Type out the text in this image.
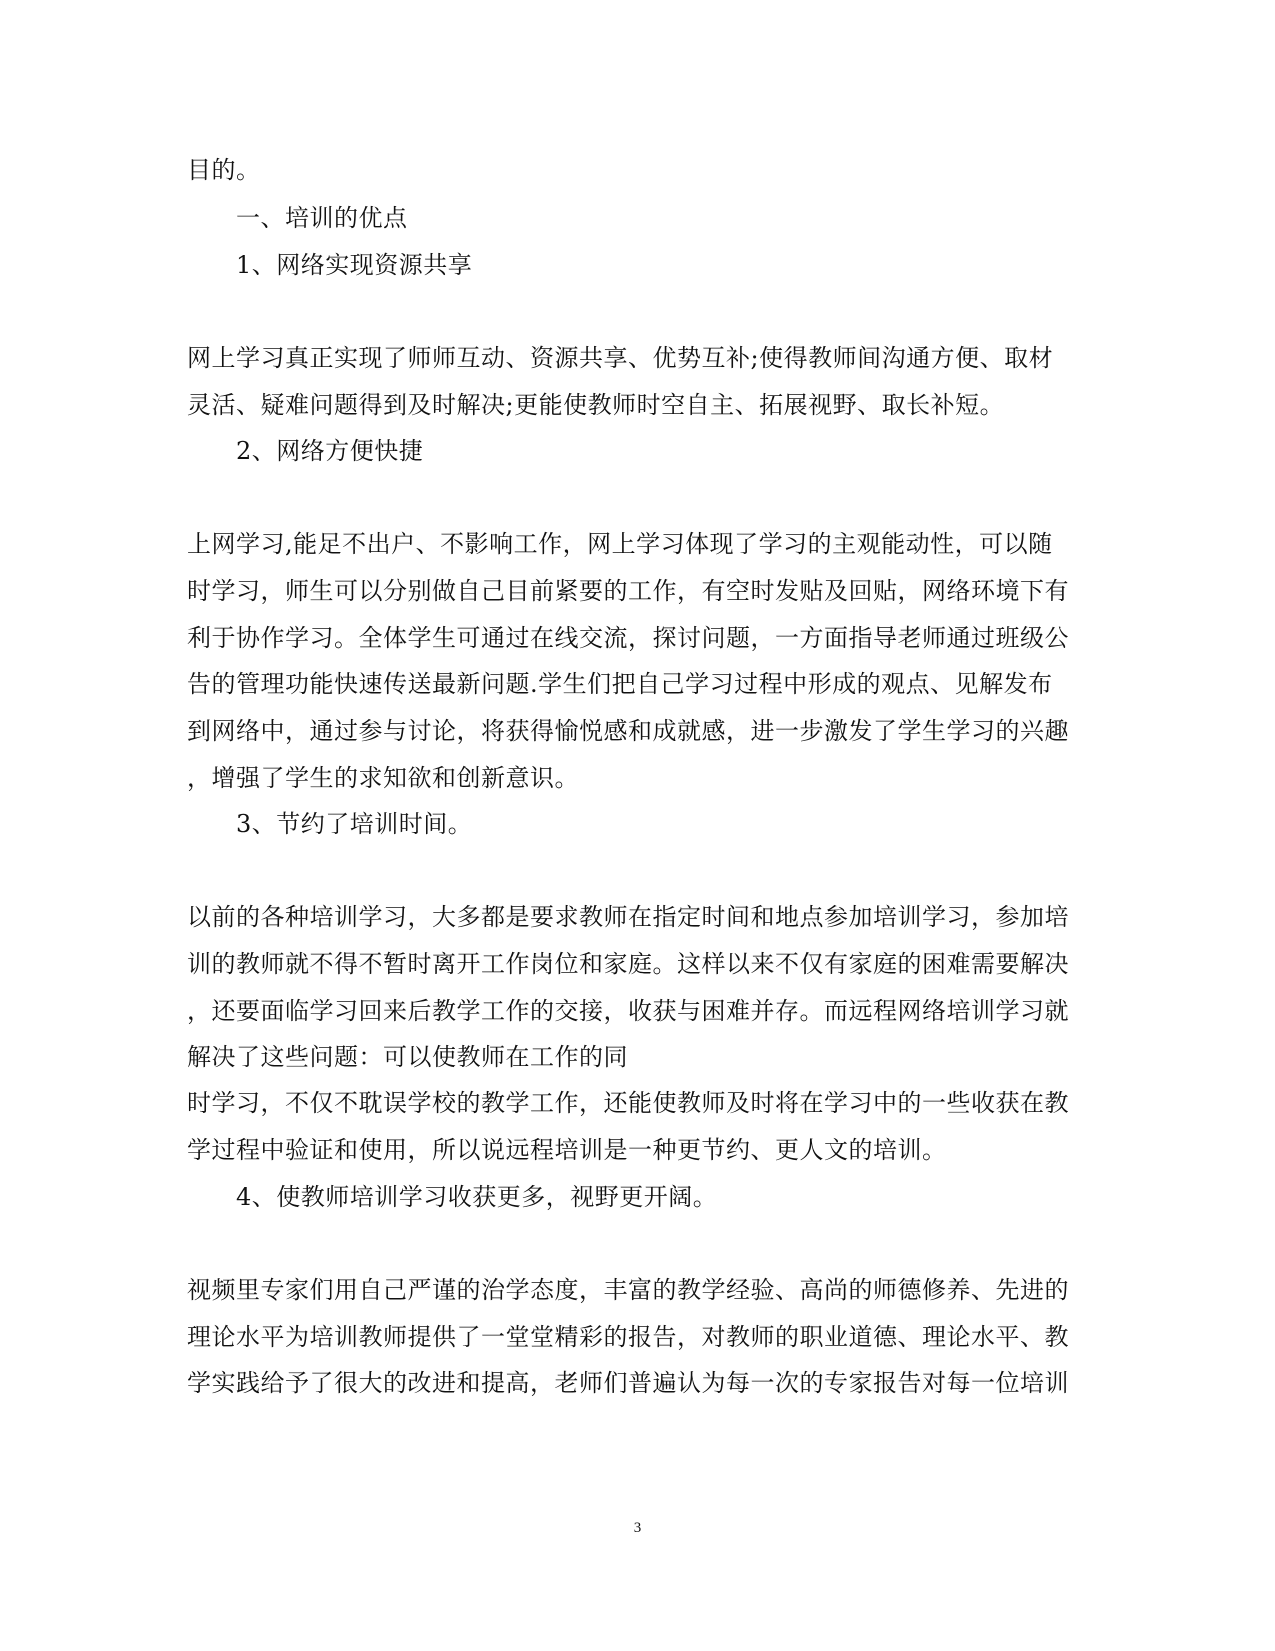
目的。
一、培训的优点
1、网络实现资源共享
网上学习真正实现了师师互动、资源共享、优势互补;使得教师间沟通方便、取材
灵活、疑难问题得到及时解决;更能使教师时空自主、拓展视野、取长补短。
2、网络方便快捷
上网学习,能足不出户、不影响工作，网上学习体现了学习的主观能动性，可以随
时学习，师生可以分别做自己目前紧要的工作，有空时发贴及回贴，网络环境下有
利于协作学习。全体学生可通过在线交流，探讨问题，一方面指导老师通过班级公
告的管理功能快速传送最新问题.学生们把自己学习过程中形成的观点、见解发布
到网络中，通过参与讨论，将获得愉悦感和成就感，进一步激发了学生学习的兴趣
，增强了学生的求知欲和创新意识。
3、节约了培训时间。
以前的各种培训学习，大多都是要求教师在指定时间和地点参加培训学习，参加培
训的教师就不得不暂时离开工作岗位和家庭。这样以来不仅有家庭的困难需要解决
，还要面临学习回来后教学工作的交接，收获与困难并存。而远程网络培训学习就
解决了这些问题：可以使教师在工作的同
时学习，不仅不耽误学校的教学工作，还能使教师及时将在学习中的一些收获在教
学过程中验证和使用，所以说远程培训是一种更节约、更人文的培训。
4、使教师培训学习收获更多，视野更开阔。
视频里专家们用自己严谨的治学态度，丰富的教学经验、高尚的师德修养、先进的
理论水平为培训教师提供了一堂堂精彩的报告，对教师的职业道德、理论水平、教
学实践给予了很大的改进和提高，老师们普遍认为每一次的专家报告对每一位培训
3
